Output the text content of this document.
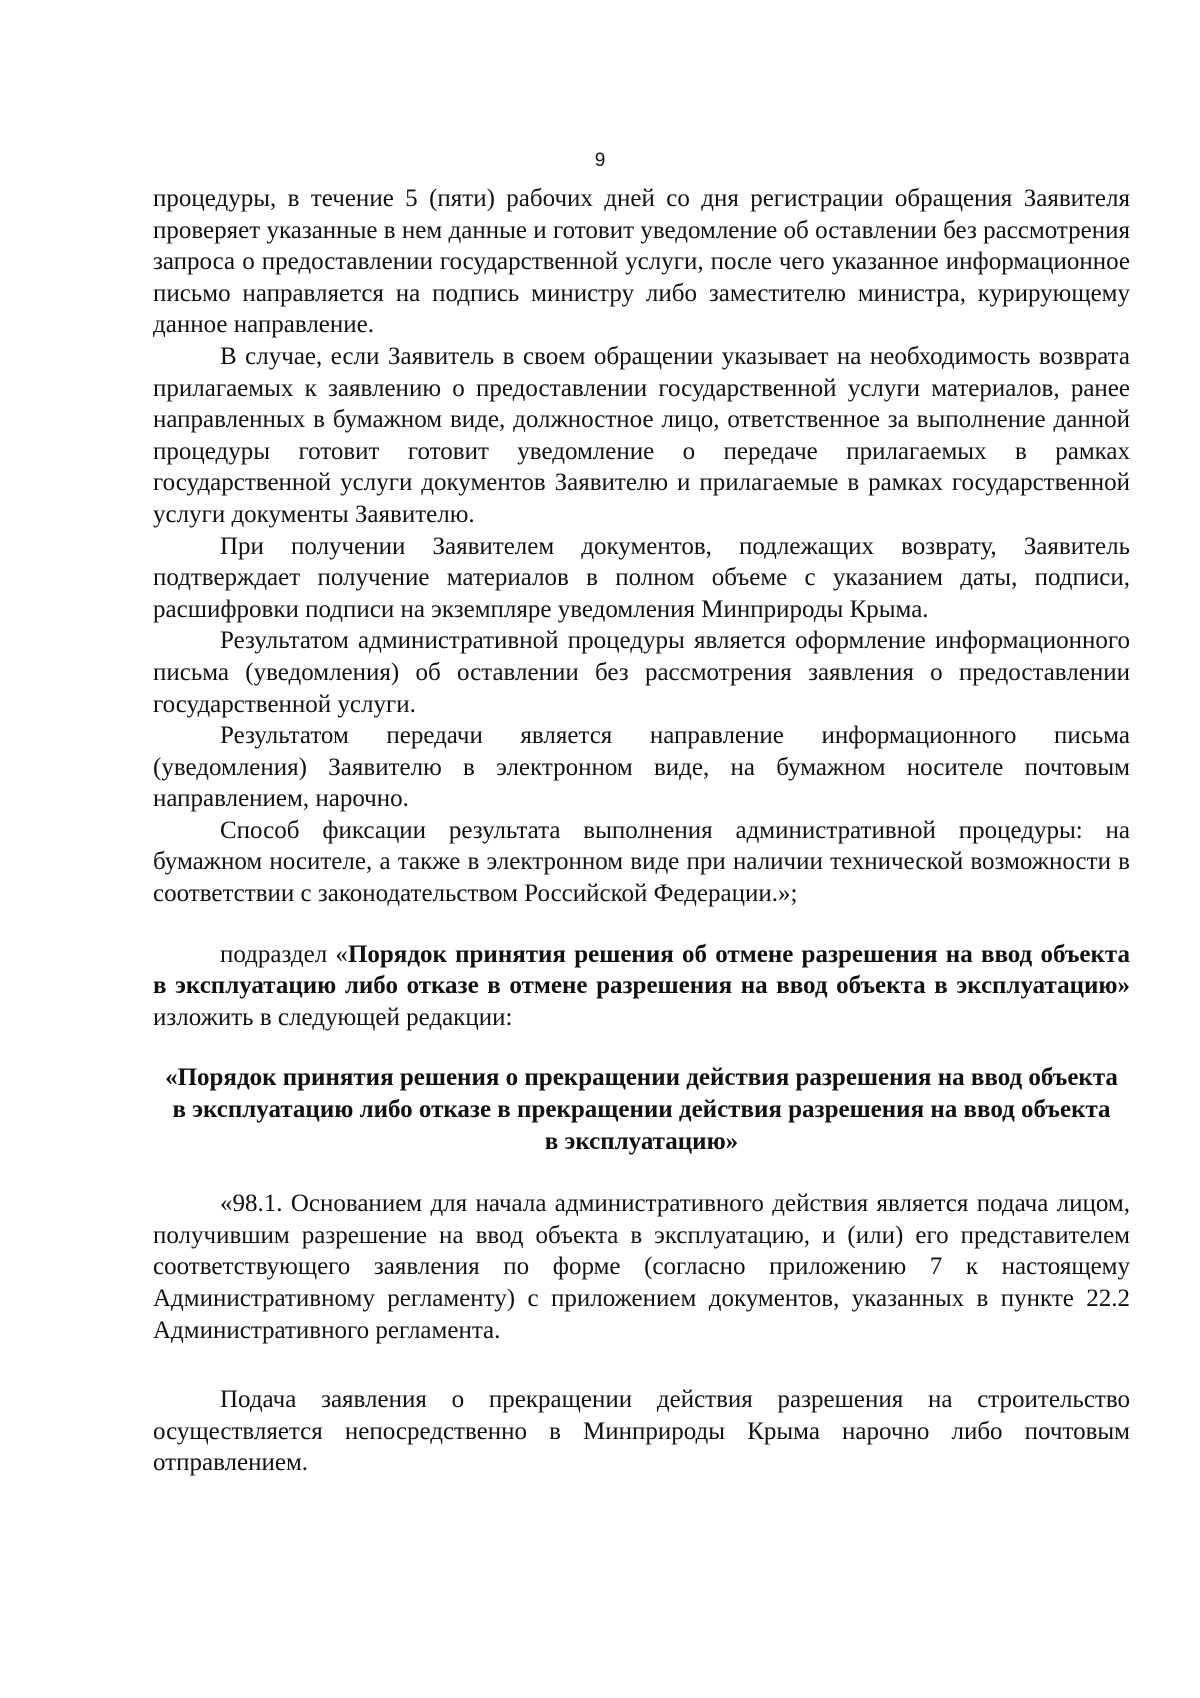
9

процедуры, в течение 5 (пяти) рабочих дней со дня регистрации обращения Заявителя проверяет указанные в нем данные и готовит уведомление об оставлении без рассмотрения запроса о предоставлении государственной услуги, после чего указанное информационное письмо направляется на подпись министру либо заместителю министра, курирующему данное направление.

В случае, если Заявитель в своем обращении указывает на необходимость возврата прилагаемых к заявлению о предоставлении государственной услуги материалов, ранее направленных в бумажном виде, должностное лицо, ответственное за выполнение данной процедуры готовит готовит уведомление о передаче прилагаемых в рамках государственной услуги документов Заявителю и прилагаемые в рамках государственной услуги документы Заявителю.

При получении Заявителем документов, подлежащих возврату, Заявитель подтверждает получение материалов в полном объеме с указанием даты, подписи, расшифровки подписи на экземпляре уведомления Минприроды Крыма.

Результатом административной процедуры является оформление информационного письма (уведомления) об оставлении без рассмотрения заявления о предоставлении государственной услуги.

Результатом передачи является направление информационного письма (уведомления) Заявителю в электронном виде, на бумажном носителе почтовым направлением, нарочно.

Способ фиксации результата выполнения административной процедуры: на бумажном носителе, а также в электронном виде при наличии технической возможности в соответствии с законодательством Российской Федерации.»;

подраздел «Порядок принятия решения об отмене разрешения на ввод объекта в эксплуатацию либо отказе в отмене разрешения на ввод объекта в эксплуатацию» изложить в следующей редакции:

«Порядок принятия решения о прекращении действия разрешения на ввод объекта в эксплуатацию либо отказе в прекращении действия разрешения на ввод объекта в эксплуатацию»

«98.1. Основанием для начала административного действия является подача лицом, получившим разрешение на ввод объекта в эксплуатацию, и (или) его представителем соответствующего заявления по форме (согласно приложению 7 к настоящему Административному регламенту) с приложением документов, указанных в пункте 22.2 Административного регламента.

Подача заявления о прекращении действия разрешения на строительство осуществляется непосредственно в Минприроды Крыма нарочно либо почтовым отправлением.
